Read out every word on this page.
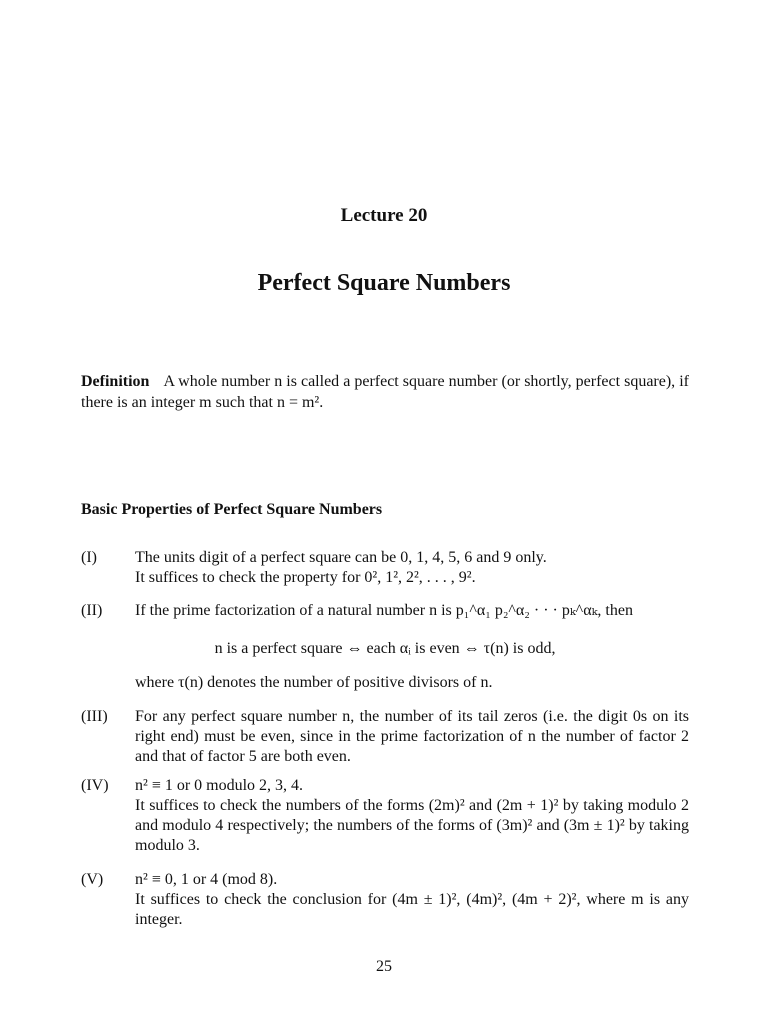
Lecture 20
Perfect Square Numbers
Definition A whole number n is called a perfect square number (or shortly, perfect square), if there is an integer m such that n = m².
Basic Properties of Perfect Square Numbers
(I) The units digit of a perfect square can be 0, 1, 4, 5, 6 and 9 only.
It suffices to check the property for 0², 1², 2², . . . , 9².
(II) If the prime factorization of a natural number n is p₁^α₁ p₂^α₂ · · · pₖ^αₖ, then
n is a perfect square ⇔ each αᵢ is even ⇔ τ(n) is odd,
where τ(n) denotes the number of positive divisors of n.
(III) For any perfect square number n, the number of its tail zeros (i.e. the digit 0s on its right end) must be even, since in the prime factorization of n the number of factor 2 and that of factor 5 are both even.
(IV) n² ≡ 1 or 0 modulo 2, 3, 4.
It suffices to check the numbers of the forms (2m)² and (2m + 1)² by taking modulo 2 and modulo 4 respectively; the numbers of the forms of (3m)² and (3m ± 1)² by taking modulo 3.
(V) n² ≡ 0, 1 or 4 (mod 8).
It suffices to check the conclusion for (4m ± 1)², (4m)², (4m + 2)², where m is any integer.
25
